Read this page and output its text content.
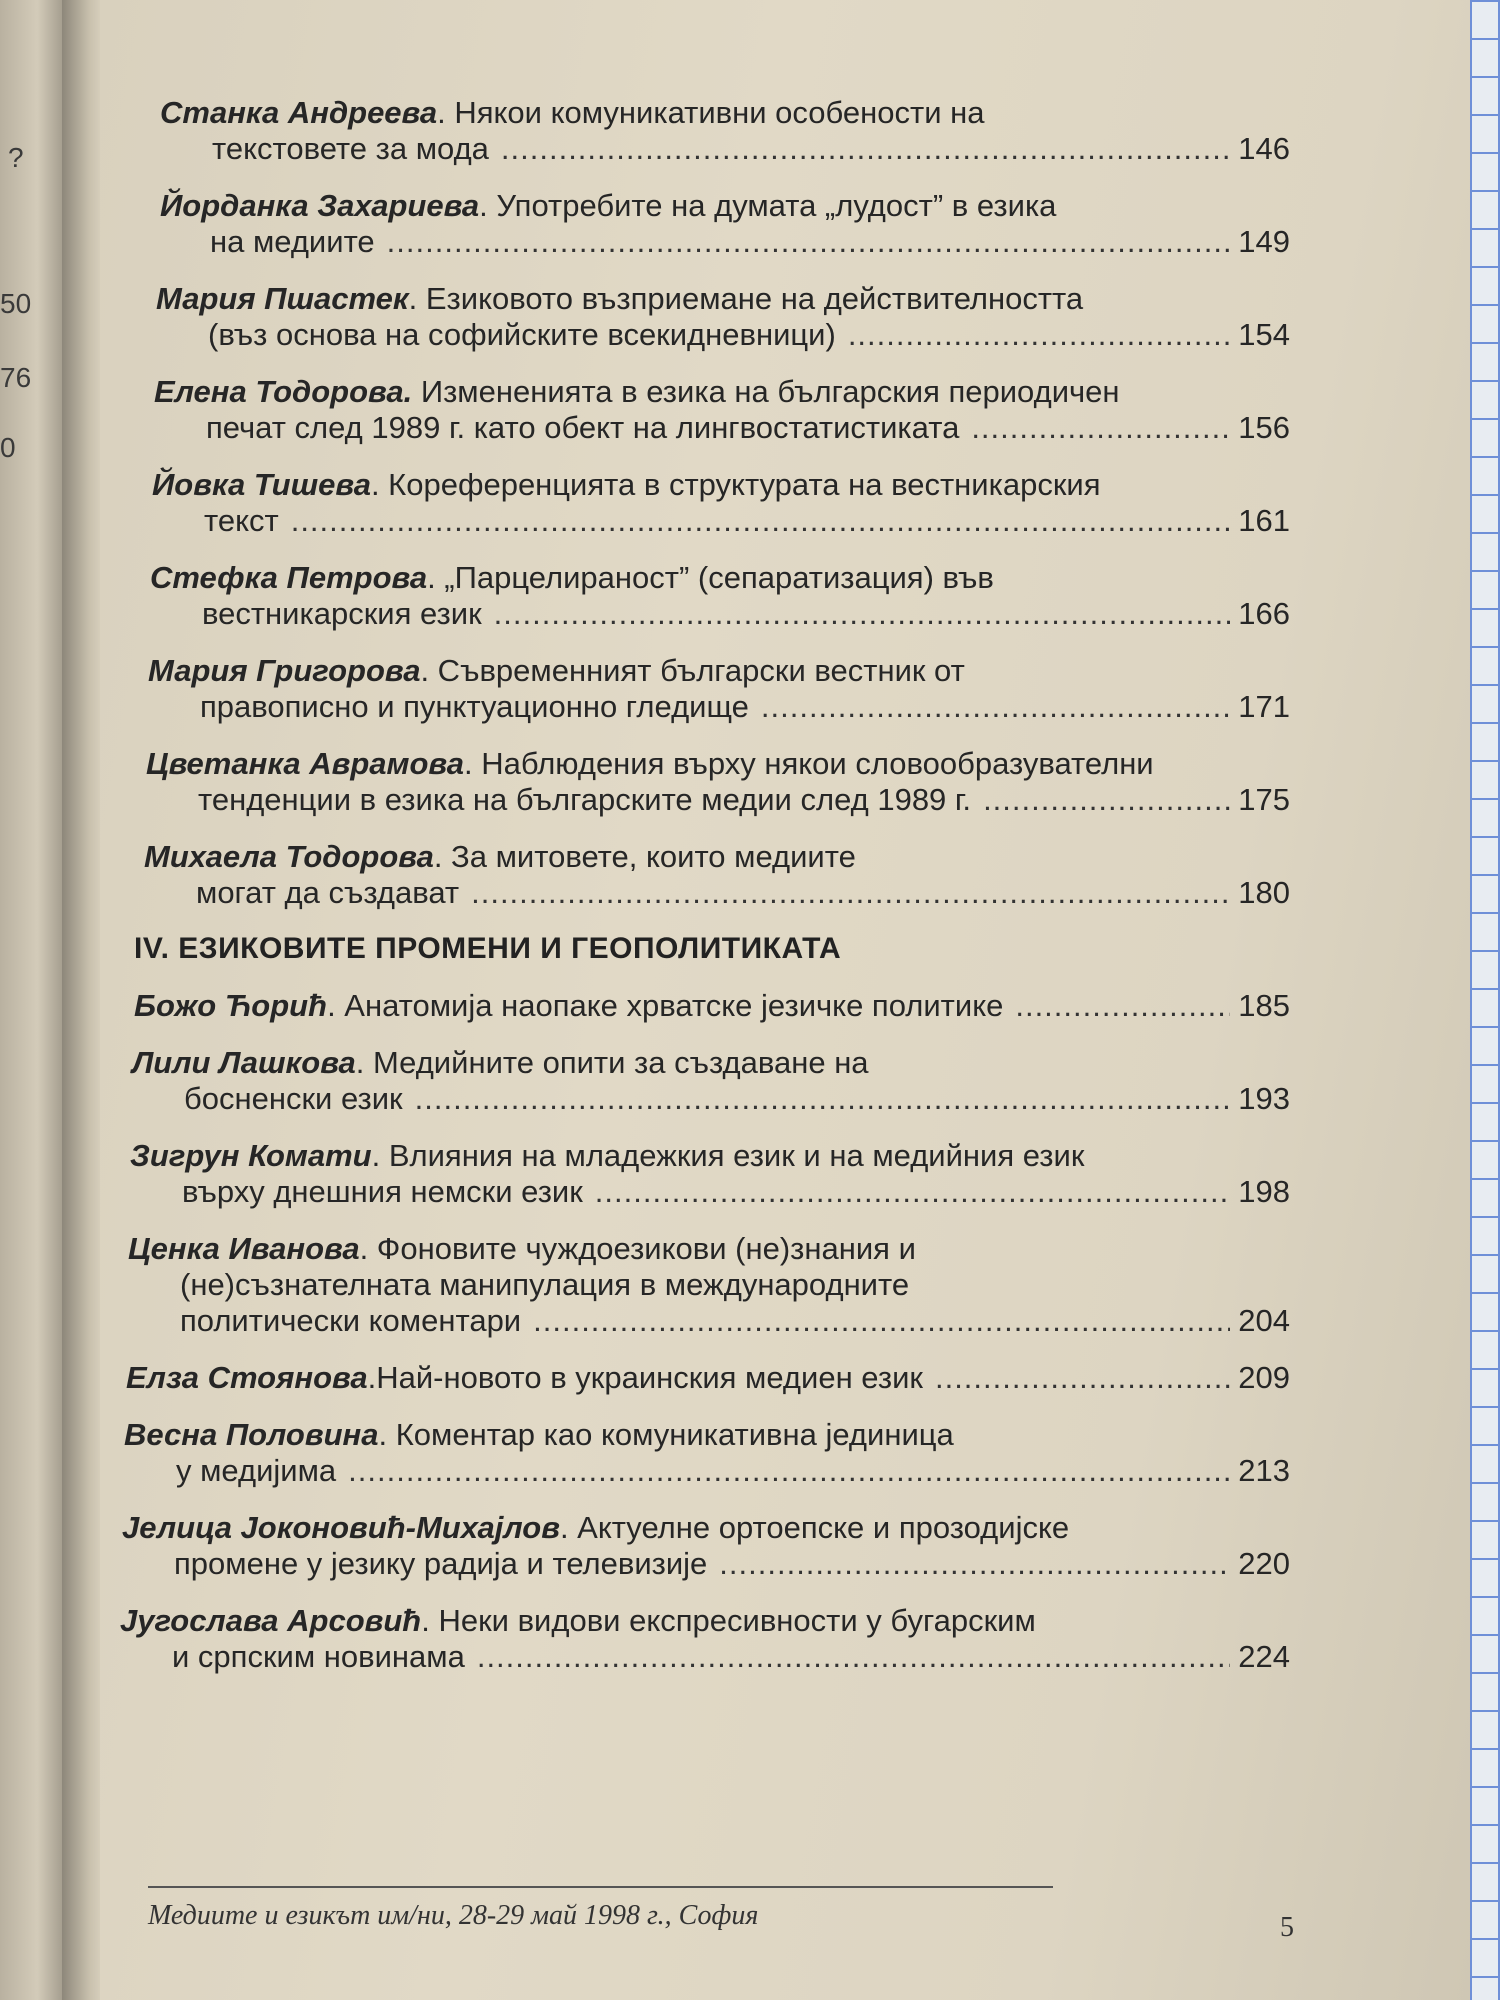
?
50
76
0
Станка Андреева. Някои комуникативни особености на
текстовете за мода .....	146
Йорданка Захариева. Употребите на думата „лудост” в езика
на медиите .....	149
Мария Пшастек. Езиковото възприемане на действителността
(въз основа на софийските всекидневници) .....	154
Елена Тодорова. Измененията в езика на българския периодичен
печат след 1989 г. като обект на лингвостатистиката .....	156
Йовка Тишева. Кореференцията в структурата на вестникарския
текст .....	161
Стефка Петрова. „Парцелираност” (сепаратизация) във
вестникарския език .....	166
Мария Григорова. Съвременният български вестник от
правописно и пунктуационно гледище .....	171
Цветанка Аврамова. Наблюдения върху някои словообразувателни
тенденции в езика на българските медии след 1989 г. .....	175
Михаела Тодорова. За митовете, които медиите
могат да създават .....	180
IV. ЕЗИКОВИТЕ ПРОМЕНИ И ГЕОПОЛИТИКАТА
Божо Ћорић . Анатомија наопаке хрватске језичке политике .....	185
Лили Лашкова. Медийните опити за създаване на
босненски език .....	193
Зигрун Комати. Влияния на младежкия език и на медийния език
върху днешния немски език .....	198
Ценка Иванова. Фоновите чуждоезикови (не)знания и
(не)съзнателната манипулация в международните
политически коментари .....	204
Елза Стоянова .Най-новото в украинския медиен език .....	209
Весна Половина. Коментар као комуникативна јединица
у медијима .....	213
Јелица Јоконовић-Михајлов. Актуелне ортоепске и прозодијске
промене у језику радија и телевизије .....	220
Југослава Арсовић. Неки видови експресивности у бугарским
и српским новинама .....	224
Медиите и езикът им/ни, 28-29 май 1998 г., София	5
